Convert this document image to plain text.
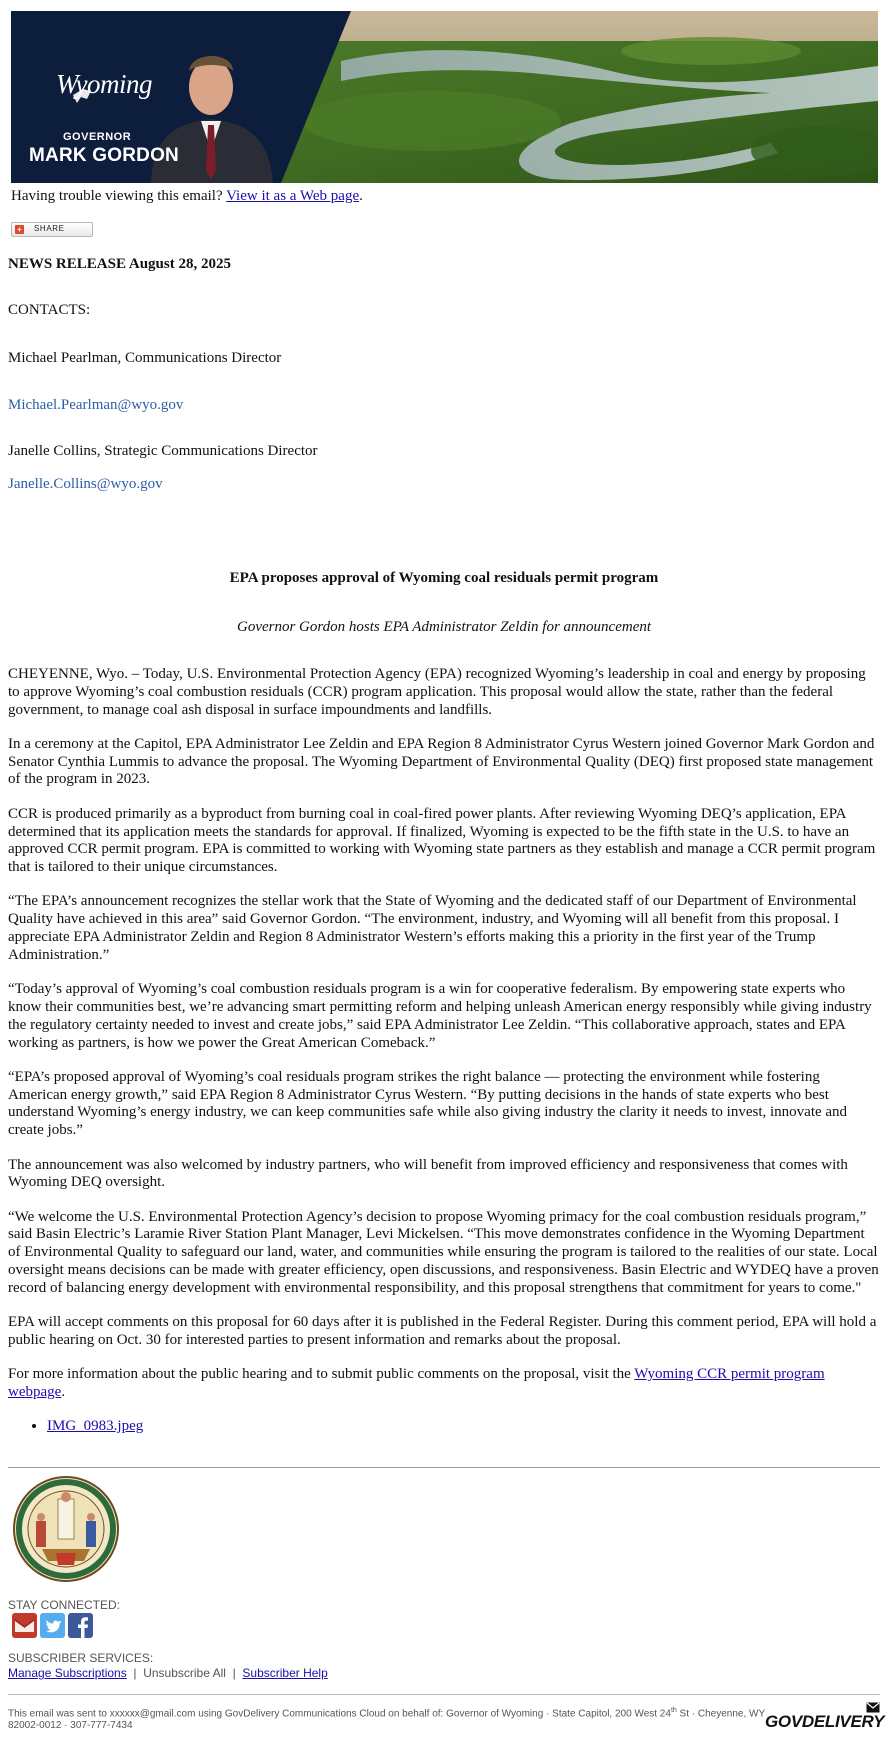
Wyoming
GOVERNOR
MARK GORDON
Having trouble viewing this email? View it as a Web page.
+ SHARE
NEWS RELEASE August 28, 2025
CONTACTS:
Michael Pearlman, Communications Director
Michael.Pearlman@wyo.gov
Janelle Collins, Strategic Communications Director
Janelle.Collins@wyo.gov
EPA proposes approval of Wyoming coal residuals permit program
Governor Gordon hosts EPA Administrator Zeldin for announcement

CHEYENNE, Wyo. – Today, U.S. Environmental Protection Agency (EPA) recognized Wyoming’s leadership in coal and energy by proposing to approve Wyoming’s coal combustion residuals (CCR) program application. This proposal would allow the state, rather than the federal government, to manage coal ash disposal in surface impoundments and landfills.

In a ceremony at the Capitol, EPA Administrator Lee Zeldin and EPA Region 8 Administrator Cyrus Western joined Governor Mark Gordon and Senator Cynthia Lummis to advance the proposal. The Wyoming Department of Environmental Quality (DEQ) first proposed state management of the program in 2023.

CCR is produced primarily as a byproduct from burning coal in coal-fired power plants. After reviewing Wyoming DEQ’s application, EPA determined that its application meets the standards for approval. If finalized, Wyoming is expected to be the fifth state in the U.S. to have an approved CCR permit program. EPA is committed to working with Wyoming state partners as they establish and manage a CCR permit program that is tailored to their unique circumstances.

“The EPA’s announcement recognizes the stellar work that the State of Wyoming and the dedicated staff of our Department of Environmental Quality have achieved in this area” said Governor Gordon. “The environment, industry, and Wyoming will all benefit from this proposal. I appreciate EPA Administrator Zeldin and Region 8 Administrator Western’s efforts making this a priority in the first year of the Trump Administration.”

“Today’s approval of Wyoming’s coal combustion residuals program is a win for cooperative federalism. By empowering state experts who know their communities best, we’re advancing smart permitting reform and helping unleash American energy responsibly while giving industry the regulatory certainty needed to invest and create jobs,” said EPA Administrator Lee Zeldin. “This collaborative approach, states and EPA working as partners, is how we power the Great American Comeback.”

“EPA’s proposed approval of Wyoming’s coal residuals program strikes the right balance — protecting the environment while fostering American energy growth,” said EPA Region 8 Administrator Cyrus Western. “By putting decisions in the hands of state experts who best understand Wyoming’s energy industry, we can keep communities safe while also giving industry the clarity it needs to invest, innovate and create jobs.”

The announcement was also welcomed by industry partners, who will benefit from improved efficiency and responsiveness that comes with Wyoming DEQ oversight.

“We welcome the U.S. Environmental Protection Agency’s decision to propose Wyoming primacy for the coal combustion residuals program,” said Basin Electric’s Laramie River Station Plant Manager, Levi Mickelsen. “This move demonstrates confidence in the Wyoming Department of Environmental Quality to safeguard our land, water, and communities while ensuring the program is tailored to the realities of our state. Local oversight means decisions can be made with greater efficiency, open discussions, and responsiveness. Basin Electric and WYDEQ have a proven record of balancing energy development with environmental responsibility, and this proposal strengthens that commitment for years to come."

EPA will accept comments on this proposal for 60 days after it is published in the Federal Register. During this comment period, EPA will hold a public hearing on Oct. 30 for interested parties to present information and remarks about the proposal.

For more information about the public hearing and to submit public comments on the proposal, visit the Wyoming CCR permit program webpage.

• IMG_0983.jpeg
STAY CONNECTED:
SUBSCRIBER SERVICES:
Manage Subscriptions | Unsubscribe All | Subscriber Help
This email was sent to xxxxxx@gmail.com using GovDelivery Communications Cloud on behalf of: Governor of Wyoming · State Capitol, 200 West 24th St · Cheyenne, WY
82002-0012 · 307-777-7434	GOVDELIVERY
